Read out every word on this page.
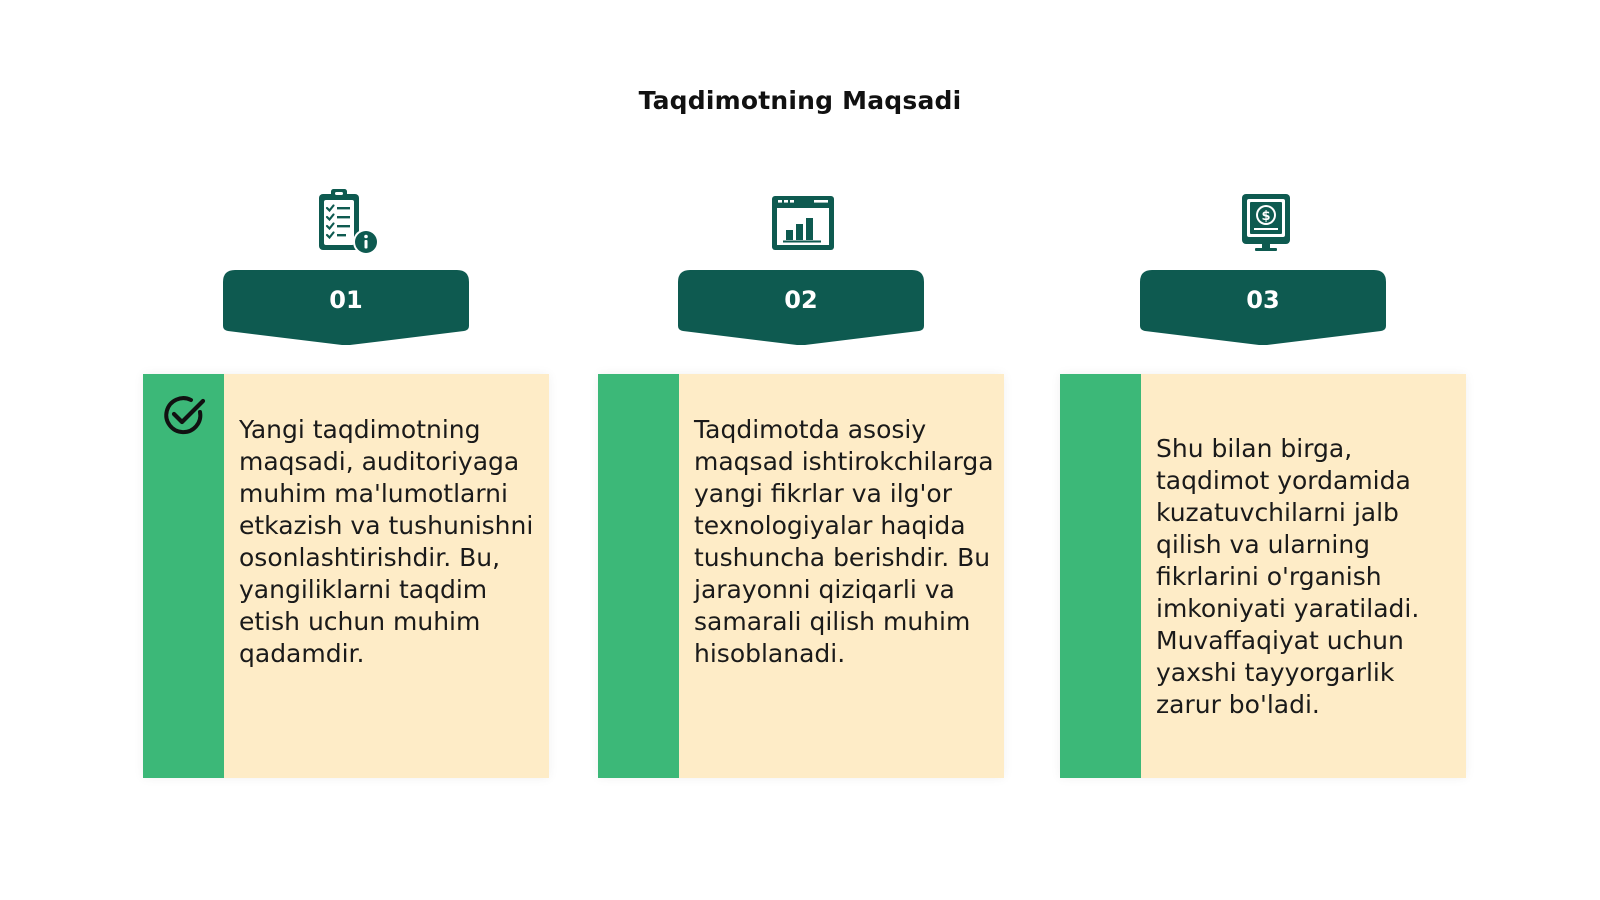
Taqdimotning Maqsadi
01

Yangi taqdimotning maqsadi, auditoriyaga muhim ma'lumotlarni etkazish va tushunishni osonlashtirishdir. Bu, yangiliklarni taqdim etish uchun muhim qadamdir.

02

Taqdimotda asosiy maqsad ishtirokchilarga yangi fikrlar va ilg'or texnologiyalar haqida tushuncha berishdir. Bu jarayonni qiziqarli va samarali qilish muhim hisoblanadi.

$
03

Shu bilan birga, taqdimot yordamida kuzatuvchilarni jalb qilish va ularning fikrlarini o'rganish imkoniyati yaratiladi. Muvaffaqiyat uchun yaxshi tayyorgarlik zarur bo'ladi.
